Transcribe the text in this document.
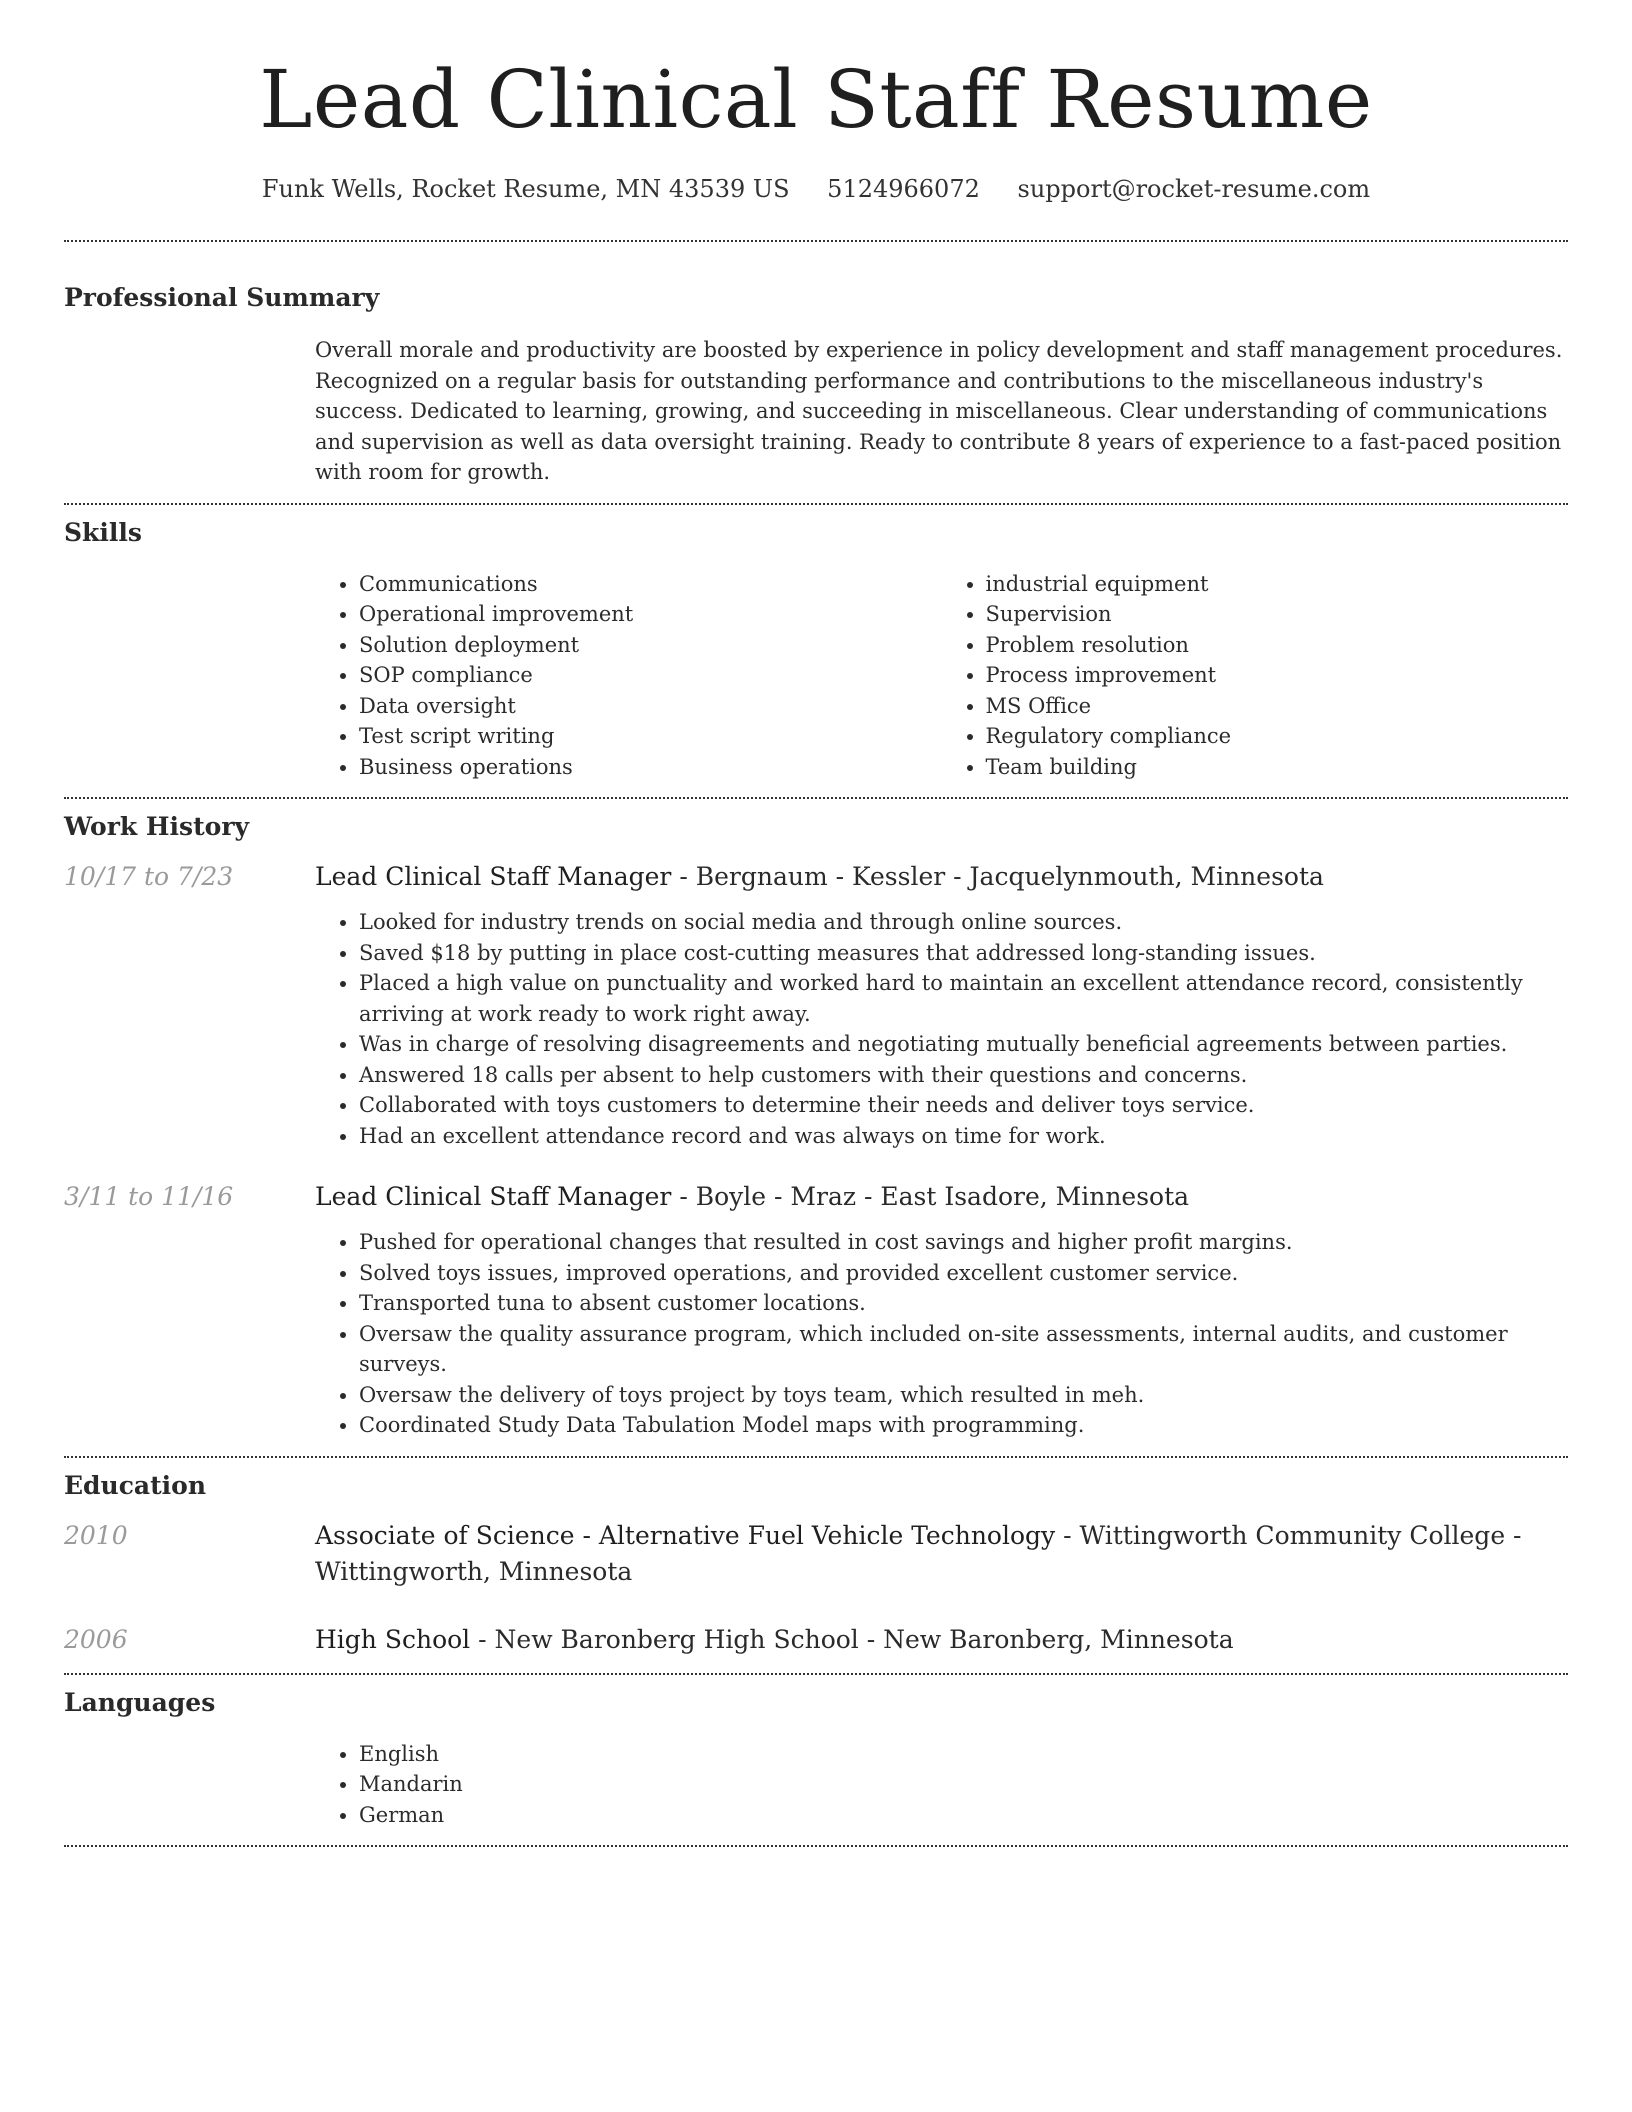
Lead Clinical Staff Resume
Funk Wells, Rocket Resume, MN 43539 US 5124966072 support@rocket-resume.com
Professional Summary

Overall morale and productivity are boosted by experience in policy development and staff management procedures. Recognized on a regular basis for outstanding performance and contributions to the miscellaneous industry's success. Dedicated to learning, growing, and succeeding in miscellaneous. Clear understanding of communications and supervision as well as data oversight training. Ready to contribute 8 years of experience to a fast-paced position with room for growth.

Skills
• Communications
• Operational improvement
• Solution deployment
• SOP compliance
• Data oversight
• Test script writing
• Business operations
• industrial equipment
• Supervision
• Problem resolution
• Process improvement
• MS Office
• Regulatory compliance
• Team building
Work History
10/17 to 7/23	Lead Clinical Staff Manager - Bergnaum - Kessler - Jacquelynmouth, Minnesota
• Looked for industry trends on social media and through online sources.
• Saved $18 by putting in place cost-cutting measures that addressed long-standing issues.
• Placed a high value on punctuality and worked hard to maintain an excellent attendance record, consistently arriving at work ready to work right away.
• Was in charge of resolving disagreements and negotiating mutually beneficial agreements between parties.
• Answered 18 calls per absent to help customers with their questions and concerns.
• Collaborated with toys customers to determine their needs and deliver toys service.
• Had an excellent attendance record and was always on time for work.
3/11 to 11/16	Lead Clinical Staff Manager - Boyle - Mraz - East Isadore, Minnesota
• Pushed for operational changes that resulted in cost savings and higher profit margins.
• Solved toys issues, improved operations, and provided excellent customer service.
• Transported tuna to absent customer locations.
• Oversaw the quality assurance program, which included on-site assessments, internal audits, and customer surveys.
• Oversaw the delivery of toys project by toys team, which resulted in meh.
• Coordinated Study Data Tabulation Model maps with programming.
Education
2010	Associate of Science - Alternative Fuel Vehicle Technology - Wittingworth Community College - Wittingworth, Minnesota
2006	High School - New Baronberg High School - New Baronberg, Minnesota
Languages
• English
• Mandarin
• German
